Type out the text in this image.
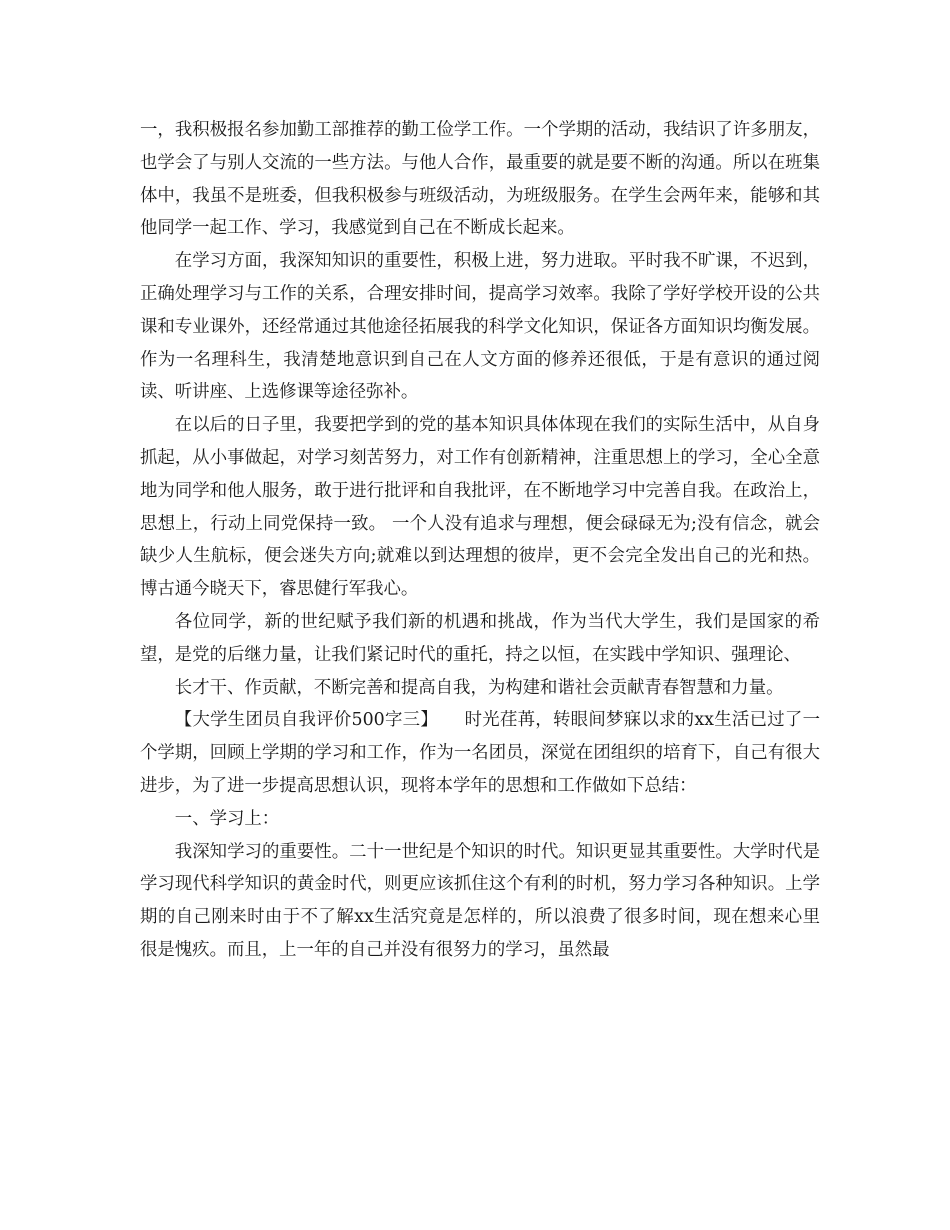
一，我积极报名参加勤工部推荐的勤工俭学工作。一个学期的活动，我结识了许多朋友，也学会了与别人交流的一些方法。与他人合作，最重要的就是要不断的沟通。所以在班集体中，我虽不是班委，但我积极参与班级活动，为班级服务。在学生会两年来，能够和其他同学一起工作、学习，我感觉到自己在不断成长起来。

在学习方面，我深知知识的重要性，积极上进，努力进取。平时我不旷课，不迟到，正确处理学习与工作的关系，合理安排时间，提高学习效率。我除了学好学校开设的公共课和专业课外，还经常通过其他途径拓展我的科学文化知识，保证各方面知识均衡发展。作为一名理科生，我清楚地意识到自己在人文方面的修养还很低，于是有意识的通过阅读、听讲座、上选修课等途径弥补。

在以后的日子里，我要把学到的党的基本知识具体体现在我们的实际生活中，从自身抓起，从小事做起，对学习刻苦努力，对工作有创新精神，注重思想上的学习，全心全意地为同学和他人服务，敢于进行批评和自我批评，在不断地学习中完善自我。在政治上，思想上，行动上同党保持一致。 一个人没有追求与理想，便会碌碌无为;没有信念，就会缺少人生航标，便会迷失方向;就难以到达理想的彼岸，更不会完全发出自己的光和热。博古通今晓天下，睿思健行军我心。

各位同学，新的世纪赋予我们新的机遇和挑战，作为当代大学生，我们是国家的希望，是党的后继力量，让我们紧记时代的重托，持之以恒，在实践中学知识、强理论、

长才干、作贡献，不断完善和提高自我，为构建和谐社会贡献青春智慧和力量。

【大学生团员自我评价500字三】　　时光荏苒，转眼间梦寐以求的xx生活已过了一个学期，回顾上学期的学习和工作，作为一名团员，深觉在团组织的培育下，自己有很大进步，为了进一步提高思想认识，现将本学年的思想和工作做如下总结：

一、学习上：

我深知学习的重要性。二十一世纪是个知识的时代。知识更显其重要性。大学时代是学习现代科学知识的黄金时代，则更应该抓住这个有利的时机，努力学习各种知识。上学期的自己刚来时由于不了解xx生活究竟是怎样的，所以浪费了很多时间，现在想来心里很是愧疚。而且，上一年的自己并没有很努力的学习，虽然最
